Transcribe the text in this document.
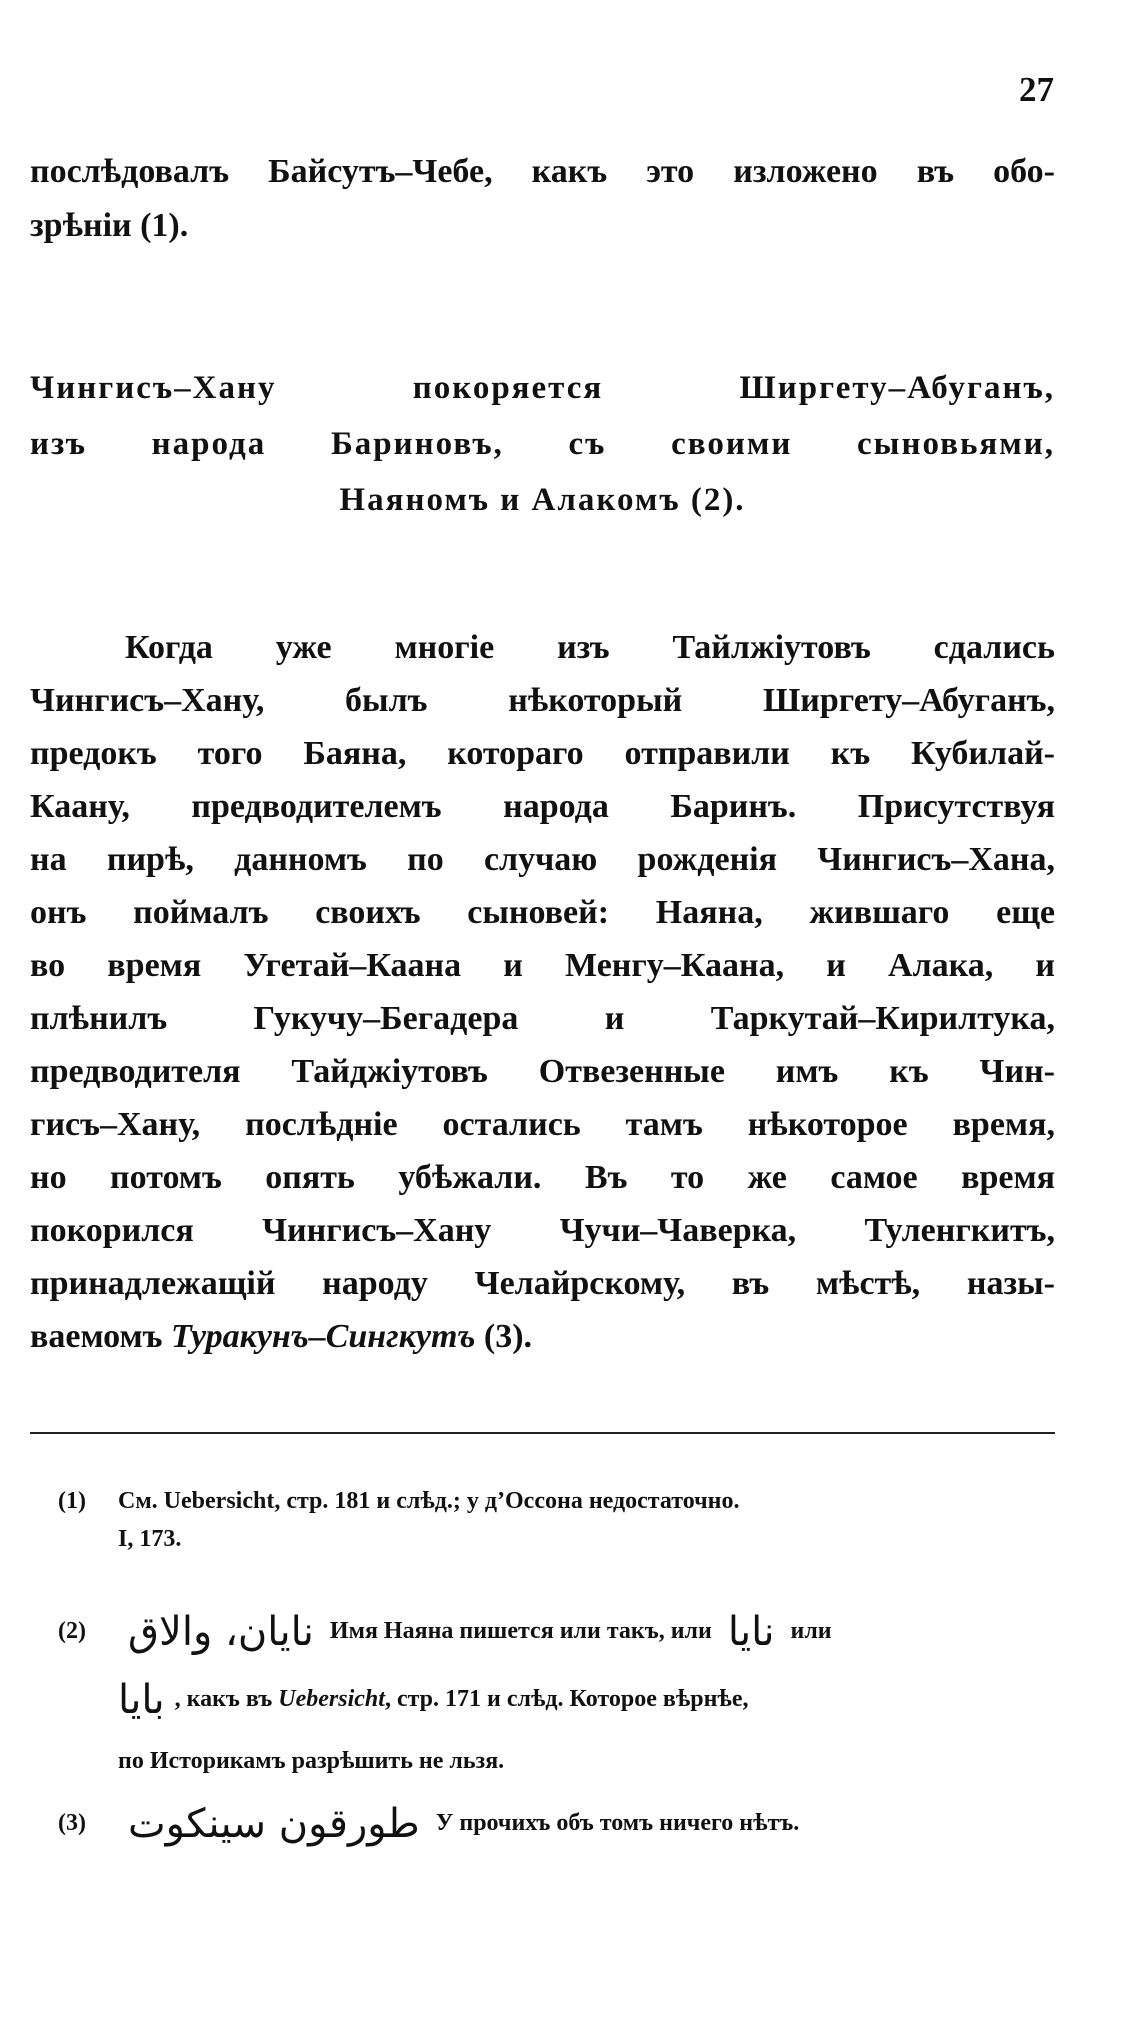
27
послѣдовалъ Байсутъ–Чебе, какъ это изложено въ обо-
зрѣніи (1).
Чингисъ–Хану покоряется Ширгету–Абуганъ,
изъ народа Бариновъ, съ своими сыновьями,
Наяномъ и Алакомъ (2).
Когда уже многіе изъ Тайлжіутовъ сдались
Чингисъ–Хану, былъ нѣкоторый Ширгету–Абуганъ,
предокъ того Баяна, котораго отправили къ Кубилай-
Каану, предводителемъ народа Баринъ. Присутствуя
на пирѣ, данномъ по случаю рожденія Чингисъ–Хана,
онъ поймалъ своихъ сыновей: Наяна, жившаго еще
во время Угетай–Каана и Менгу–Каана, и Алака, и
плѣнилъ Гукучу–Бегадера и Таркутай–Кирилтука,
предводителя Тайджіутовъ Отвезенные имъ къ Чин-
гисъ–Хану, послѣдніе остались тамъ нѣкоторое время,
но потомъ опять убѣжали. Въ то же самое время
покорился Чингисъ–Хану Чучи–Чаверка, Туленгкитъ,
принадлежащій народу Челайрскому, въ мѣстѣ, назы-
ваемомъ Туракунъ–Сингкутъ (3).
(1) См. Uebersicht, стр. 181 и слѣд.; у д’Оссона недостаточно.
I, 173.
(2) نايان، والاق Имя Наяна пишется или такъ, или نايا или
بايا , какъ въ Uebersicht, стр. 171 и слѣд. Которое вѣрнѣе,
по Историкамъ разрѣшить не льзя.
(3) طورقون سينكوت У прочихъ объ томъ ничего нѣтъ.
